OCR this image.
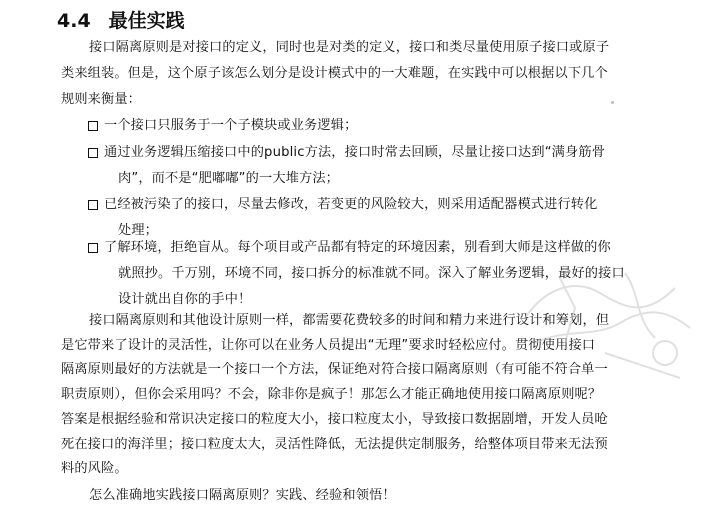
4.4 最佳实践
接口隔离原则是对接口的定义，同时也是对类的定义，接口和类尽量使用原子接口或原子
类来组装。但是，这个原子该怎么划分是设计模式中的一大难题，在实践中可以根据以下几个
规则来衡量：
一个接口只服务于一个子模块或业务逻辑；
通过业务逻辑压缩接口中的public方法，接口时常去回顾，尽量让接口达到“满身筋骨
肉”，而不是“肥嘟嘟”的一大堆方法；
已经被污染了的接口，尽量去修改，若变更的风险较大，则采用适配器模式进行转化
处理；
了解环境，拒绝盲从。每个项目或产品都有特定的环境因素，别看到大师是这样做的你
就照抄。千万别，环境不同，接口拆分的标准就不同。深入了解业务逻辑，最好的接口
设计就出自你的手中！
接口隔离原则和其他设计原则一样，都需要花费较多的时间和精力来进行设计和筹划，但
是它带来了设计的灵活性，让你可以在业务人员提出“无理”要求时轻松应付。贯彻使用接口
隔离原则最好的方法就是一个接口一个方法，保证绝对符合接口隔离原则（有可能不符合单一
职责原则），但你会采用吗？不会，除非你是疯子！那怎么才能正确地使用接口隔离原则呢？
答案是根据经验和常识决定接口的粒度大小，接口粒度太小，导致接口数据剧增，开发人员呛
死在接口的海洋里；接口粒度太大，灵活性降低，无法提供定制服务，给整体项目带来无法预
料的风险。
怎么准确地实践接口隔离原则？实践、经验和领悟！
